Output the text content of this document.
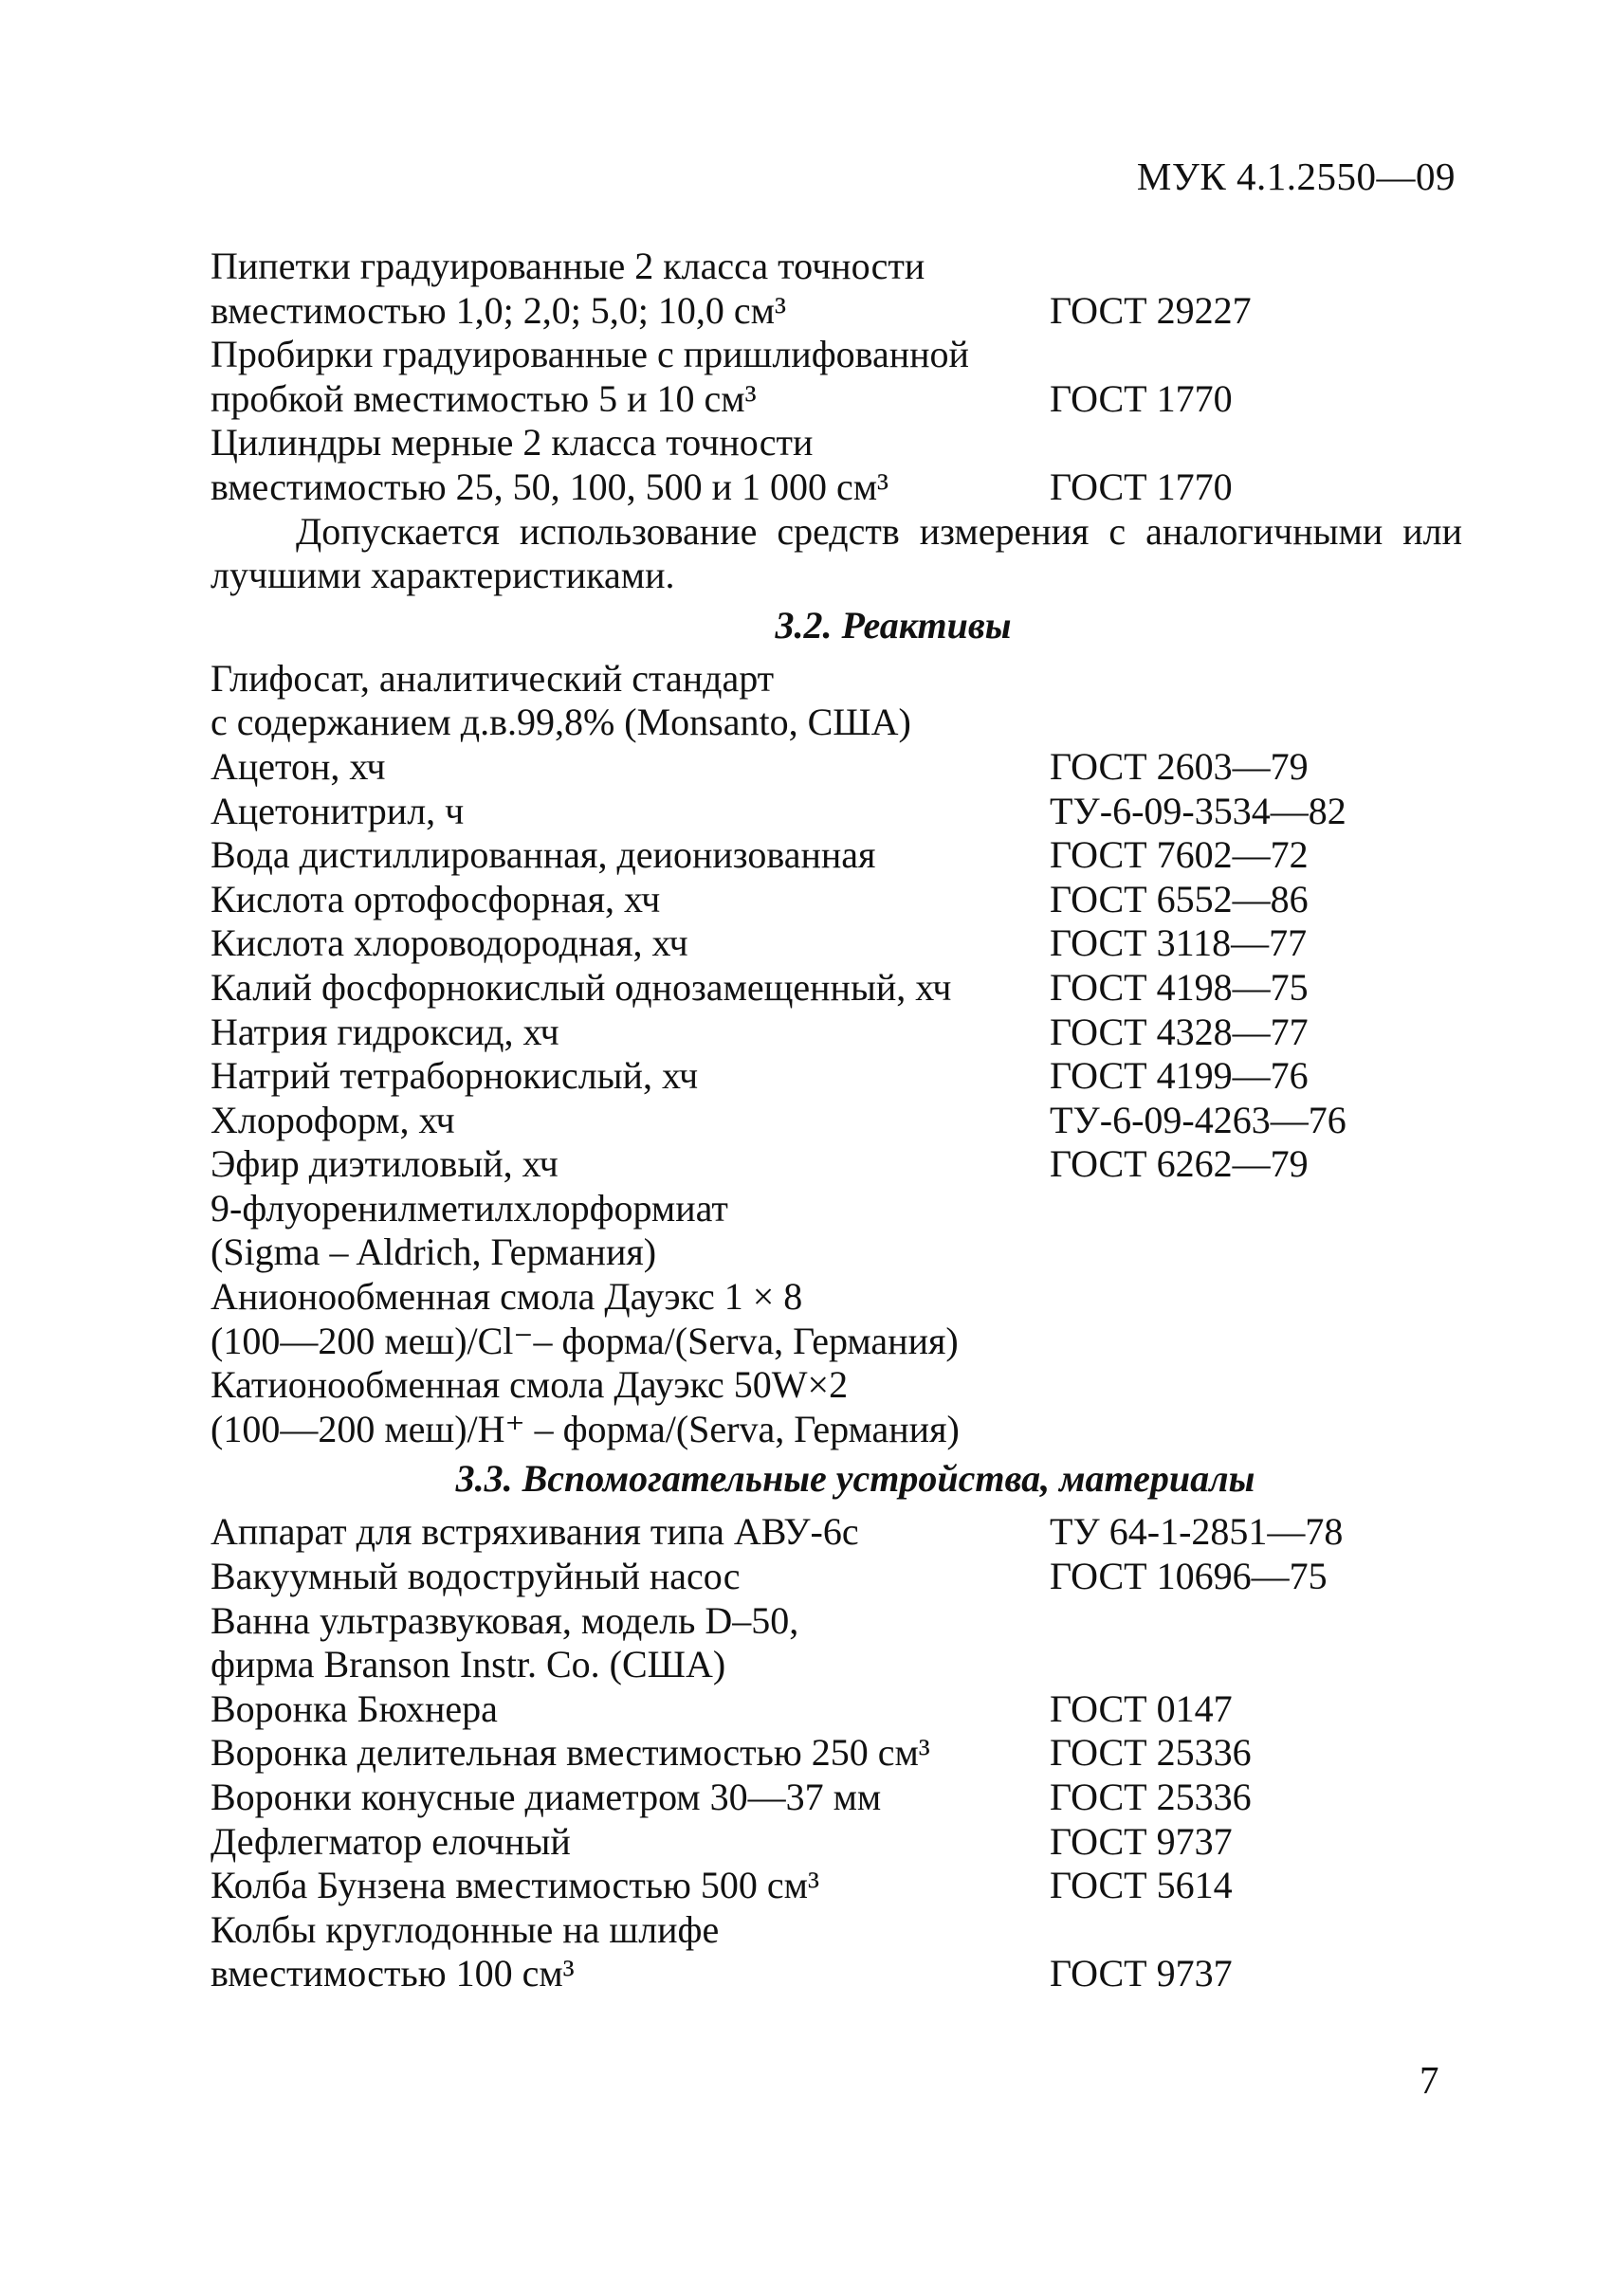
МУК 4.1.2550—09
Пипетки градуированные 2 класса точности
вместимостью 1,0; 2,0; 5,0; 10,0 см³	ГОСТ 29227
Пробирки градуированные с пришлифованной
пробкой вместимостью 5 и 10 см³	ГОСТ 1770
Цилиндры мерные 2 класса точности
вместимостью 25, 50, 100, 500 и 1 000 см³	ГОСТ 1770
Допускается использование средств измерения с аналогичными или лучшими характеристиками.
3.2. Реактивы
Глифосат, аналитический стандарт
с содержанием д.в.99,8% (Monsanto, США)
Ацетон, хч	ГОСТ 2603—79
Ацетонитрил, ч	ТУ-6-09-3534—82
Вода дистиллированная, деионизованная	ГОСТ 7602—72
Кислота ортофосфорная, хч	ГОСТ 6552—86
Кислота хлороводородная, хч	ГОСТ 3118—77
Калий фосфорнокислый однозамещенный, хч	ГОСТ 4198—75
Натрия гидроксид, хч	ГОСТ 4328—77
Натрий тетраборнокислый, хч	ГОСТ 4199—76
Хлороформ, хч	ТУ-6-09-4263—76
Эфир диэтиловый, хч	ГОСТ 6262—79
9-флуоренилметилхлорформиат
(Sigma – Aldrich, Германия)
Анионообменная смола Дауэкс 1 × 8
(100—200 меш)/Cl⁻– форма/(Serva, Германия)
Катионообменная смола Дауэкс 50W×2
(100—200 меш)/H⁺ – форма/(Serva, Германия)
3.3. Вспомогательные устройства, материалы
Аппарат для встряхивания типа АВУ-6с	ТУ 64-1-2851—78
Вакуумный водоструйный насос	ГОСТ 10696—75
Ванна ультразвуковая, модель D–50,
фирма Branson Instr. Co. (США)
Воронка Бюхнера	ГОСТ 0147
Воронка делительная вместимостью 250 см³	ГОСТ 25336
Воронки конусные диаметром 30—37 мм	ГОСТ 25336
Дефлегматор елочный	ГОСТ 9737
Колба Бунзена вместимостью 500 см³	ГОСТ 5614
Колбы круглодонные на шлифе
вместимостью 100 см³	ГОСТ 9737
7
